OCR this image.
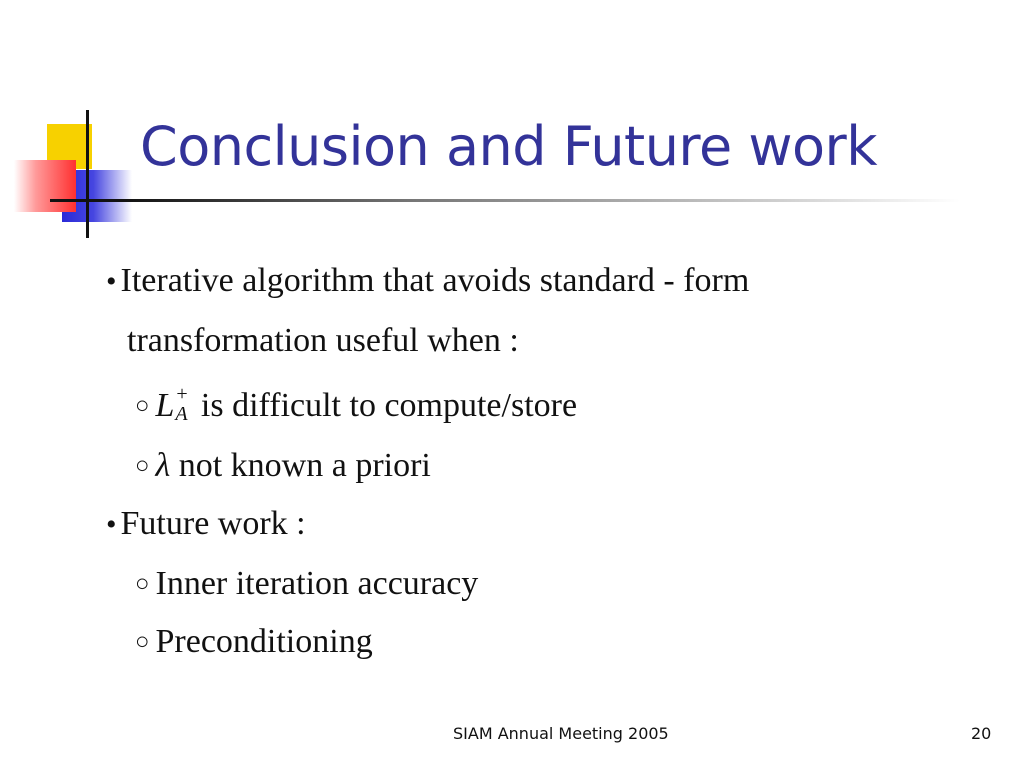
Conclusion and Future work
• Iterative algorithm that avoids standard - form
transformation useful when :
○ L +
A is difficult to compute/store
○ λ not known a priori
• Future work :
○ Inner iteration accuracy
○ Preconditioning
SIAM Annual Meeting 2005	20
